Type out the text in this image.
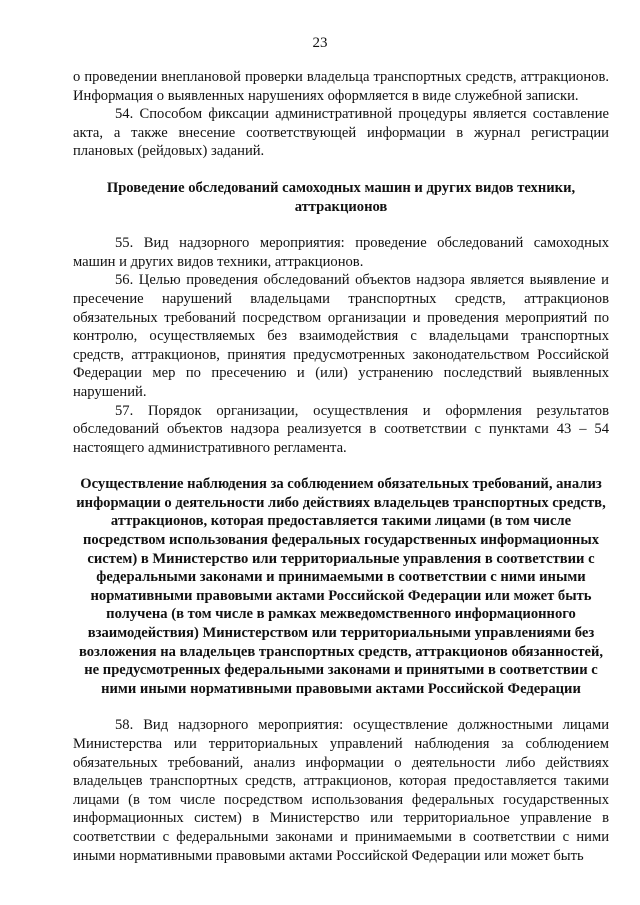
23

о проведении внеплановой проверки владельца транспортных средств, аттракционов. Информация о выявленных нарушениях оформляется в виде служебной записки.

54. Способом фиксации административной процедуры является составление акта, а также внесение соответствующей информации в журнал регистрации плановых (рейдовых) заданий.

Проведение обследований самоходных машин и других видов техники, аттракционов

55. Вид надзорного мероприятия: проведение обследований самоходных машин и других видов техники, аттракционов.

56. Целью проведения обследований объектов надзора является выявление и пресечение нарушений владельцами транспортных средств, аттракционов обязательных требований посредством организации и проведения мероприятий по контролю, осуществляемых без взаимодействия с владельцами транспортных средств, аттракционов, принятия предусмотренных законодательством Российской Федерации мер по пресечению и (или) устранению последствий выявленных нарушений.

57. Порядок организации, осуществления и оформления результатов обследований объектов надзора реализуется в соответствии с пунктами 43 – 54 настоящего административного регламента.

Осуществление наблюдения за соблюдением обязательных требований, анализ информации о деятельности либо действиях владельцев транспортных средств, аттракционов, которая предоставляется такими лицами (в том числе посредством использования федеральных государственных информационных систем) в Министерство или территориальные управления в соответствии с федеральными законами и принимаемыми в соответствии с ними иными нормативными правовыми актами Российской Федерации или может быть получена (в том числе в рамках межведомственного информационного взаимодействия) Министерством или территориальными управлениями без возложения на владельцев транспортных средств, аттракционов обязанностей, не предусмотренных федеральными законами и принятыми в соответствии с ними иными нормативными правовыми актами Российской Федерации

58. Вид надзорного мероприятия: осуществление должностными лицами Министерства или территориальных управлений наблюдения за соблюдением обязательных требований, анализ информации о деятельности либо действиях владельцев транспортных средств, аттракционов, которая предоставляется такими лицами (в том числе посредством использования федеральных государственных информационных систем) в Министерство или территориальное управление в соответствии с федеральными законами и принимаемыми в соответствии с ними иными нормативными правовыми актами Российской Федерации или может быть
